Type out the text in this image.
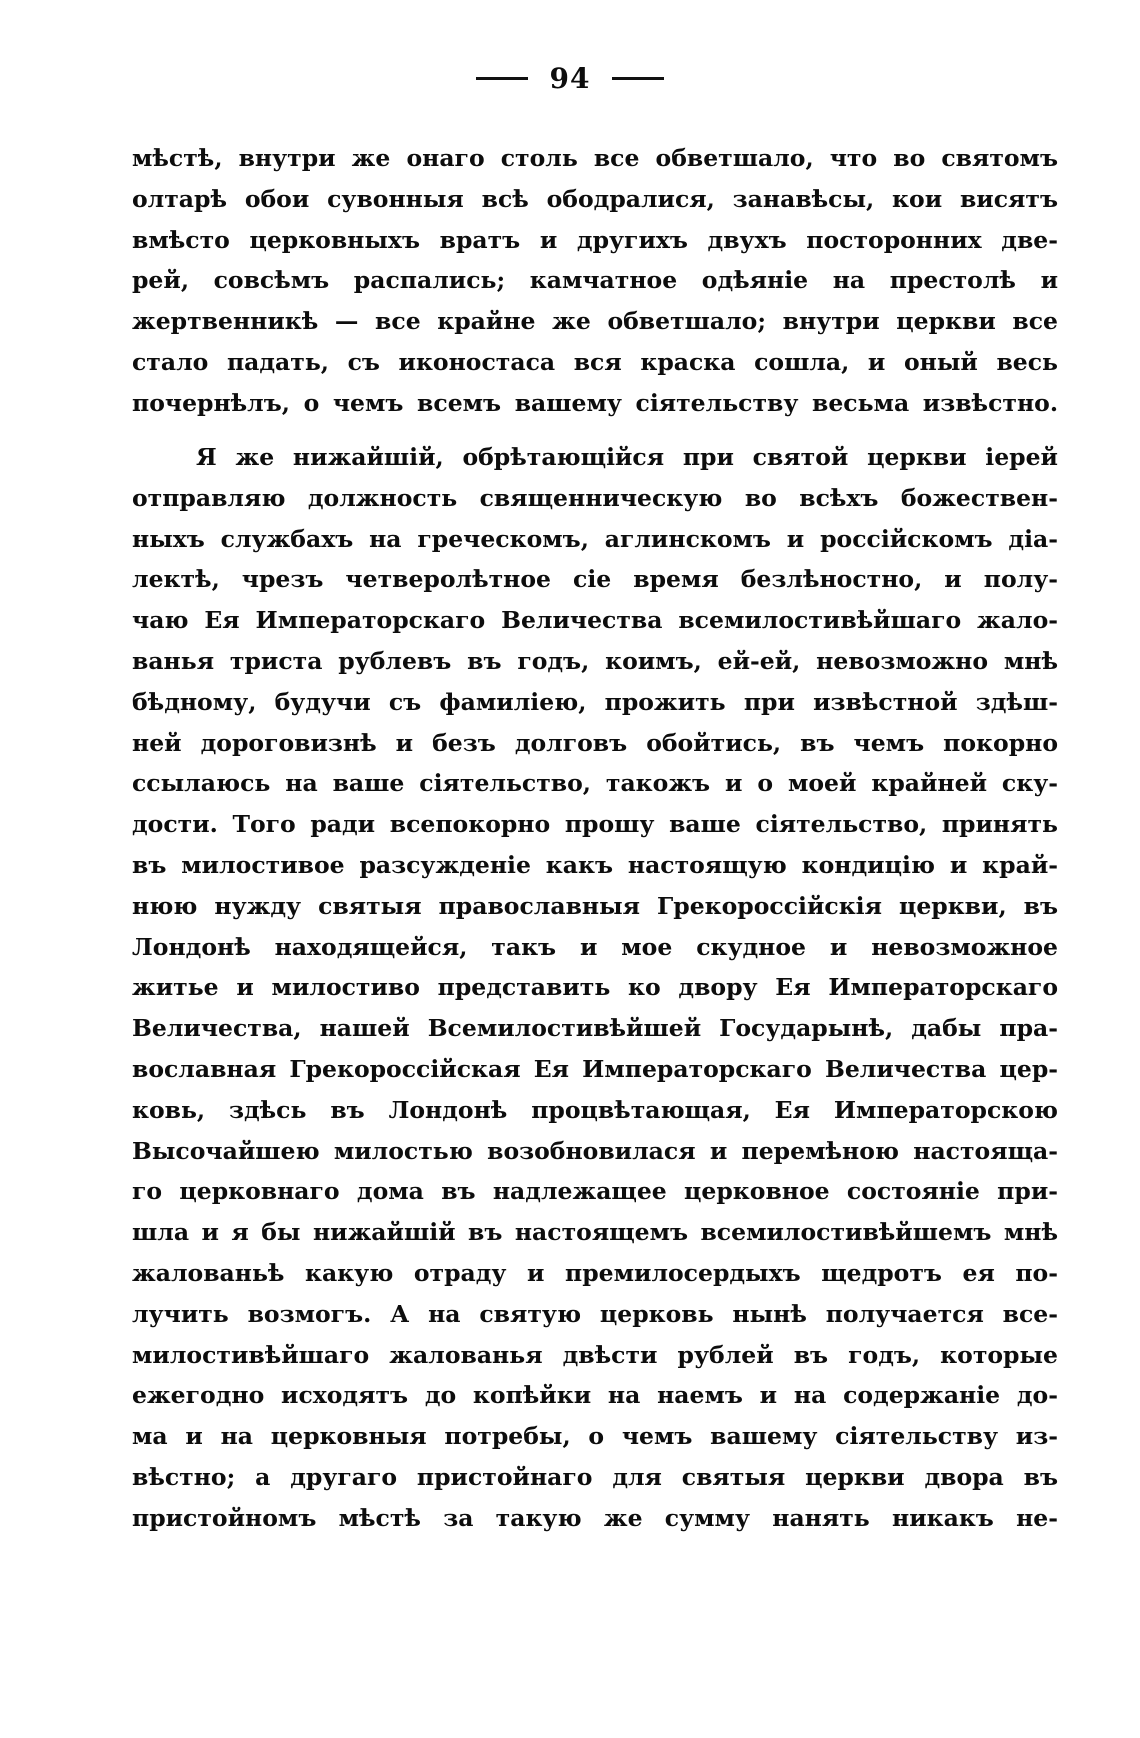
94
мѣстѣ, внутри же онаго столь все обветшало, что во святомъ
олтарѣ обои сувонныя всѣ ободралися, занавѣсы, кои висятъ
вмѣсто церковныхъ вратъ и другихъ двухъ посторонних две-
рей, совсѣмъ распались; камчатное одѣяніе на престолѣ и
жертвенникѣ — все крайне же обветшало; внутри церкви все
стало падать, съ иконостаса вся краска сошла, и оный весь
почернѣлъ, о чемъ всемъ вашему сіятельству весьма извѣстно.
Я же нижайшій, обрѣтающійся при святой церкви іерей
отправляю должность священническую во всѣхъ божествен-
ныхъ службахъ на греческомъ, аглинскомъ и россійскомъ діа-
лектѣ, чрезъ четверолѣтное сіе время безлѣностно, и полу-
чаю Ея Императорскаго Величества всемилостивѣйшаго жало-
ванья триста рублевъ въ годъ, коимъ, ей-ей, невозможно мнѣ
бѣдному, будучи съ фамиліею, прожить при извѣстной здѣш-
ней дороговизнѣ и безъ долговъ обойтись, въ чемъ покорно
ссылаюсь на ваше сіятельство, такожъ и о моей крайней ску-
дости. Того ради всепокорно прошу ваше сіятельство, принять
въ милостивое разсужденіе какъ настоящую кондицію и край-
нюю нужду святыя православныя Грекороссійскія церкви, въ
Лондонѣ находящейся, такъ и мое скудное и невозможное
житье и милостиво представить ко двору Ея Императорскаго
Величества, нашей Всемилостивѣйшей Государынѣ, дабы пра-
вославная Грекороссійская Ея Императорскаго Величества цер-
ковь, здѣсь въ Лондонѣ процвѣтающая, Ея Императорскою
Высочайшею милостью возобновилася и перемѣною настояща-
го церковнаго дома въ надлежащее церковное состояніе при-
шла и я бы нижайшій въ настоящемъ всемилостивѣйшемъ мнѣ
жалованьѣ какую отраду и премилосердыхъ щедротъ ея по-
лучить возмогъ. А на святую церковь нынѣ получается все-
милостивѣйшаго жалованья двѣсти рублей въ годъ, которые
ежегодно исходятъ до копѣйки на наемъ и на содержаніе до-
ма и на церковныя потребы, о чемъ вашему сіятельству из-
вѣстно; а другаго пристойнаго для святыя церкви двора въ
пристойномъ мѣстѣ за такую же сумму нанять никакъ не-
